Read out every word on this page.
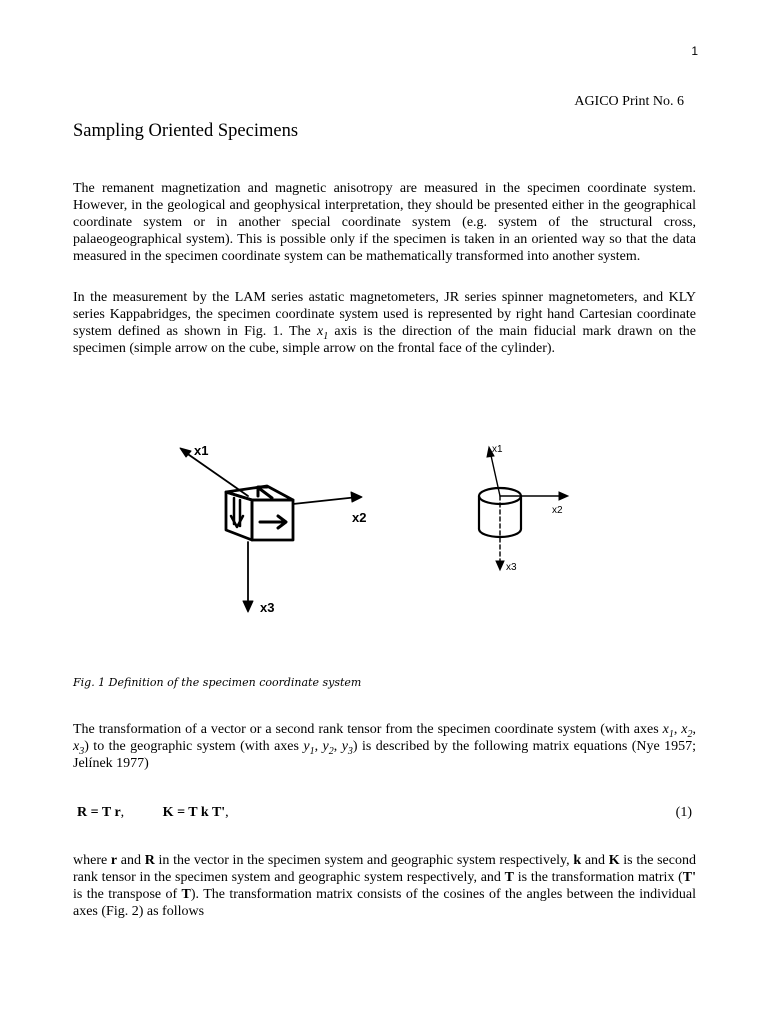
1
AGICO Print No. 6
Sampling Oriented Specimens

The remanent magnetization and magnetic anisotropy are measured in the specimen coordinate system. However, in the geological and geophysical interpretation, they should be presented either in the geographical coordinate system or in another special coordinate system (e.g. system of the structural cross, palaeogeographical system). This is possible only if the specimen is taken in an oriented way so that the data measured in the specimen coordinate system can be mathematically transformed into another system.

In the measurement by the LAM series astatic magnetometers, JR series spinner magnetometers, and KLY series Kappabridges, the specimen coordinate system used is represented by right hand Cartesian coordinate system defined as shown in Fig. 1. The $x_1$ axis is the direction of the main fiducial mark drawn on the specimen (simple arrow on the cube, simple arrow on the frontal face of the cylinder).

x1
x2
x3
x1
x2
x3
Fig. 1 Definition of the specimen coordinate system

The transformation of a vector or a second rank tensor from the specimen coordinate system (with axes $x_1$, $x_2$, $x_3$) to the geographic system (with axes $y_1$, $y_2$, $y_3$) is described by the following matrix equations (Nye 1957; Jelínek 1977)

R = T r,	K = T k T',	(1)

where r and R in the vector in the specimen system and geographic system respectively, k and K is the second rank tensor in the specimen system and geographic system respectively, and T is the transformation matrix (T' is the transpose of T). The transformation matrix consists of the cosines of the angles between the individual axes (Fig. 2) as follows
